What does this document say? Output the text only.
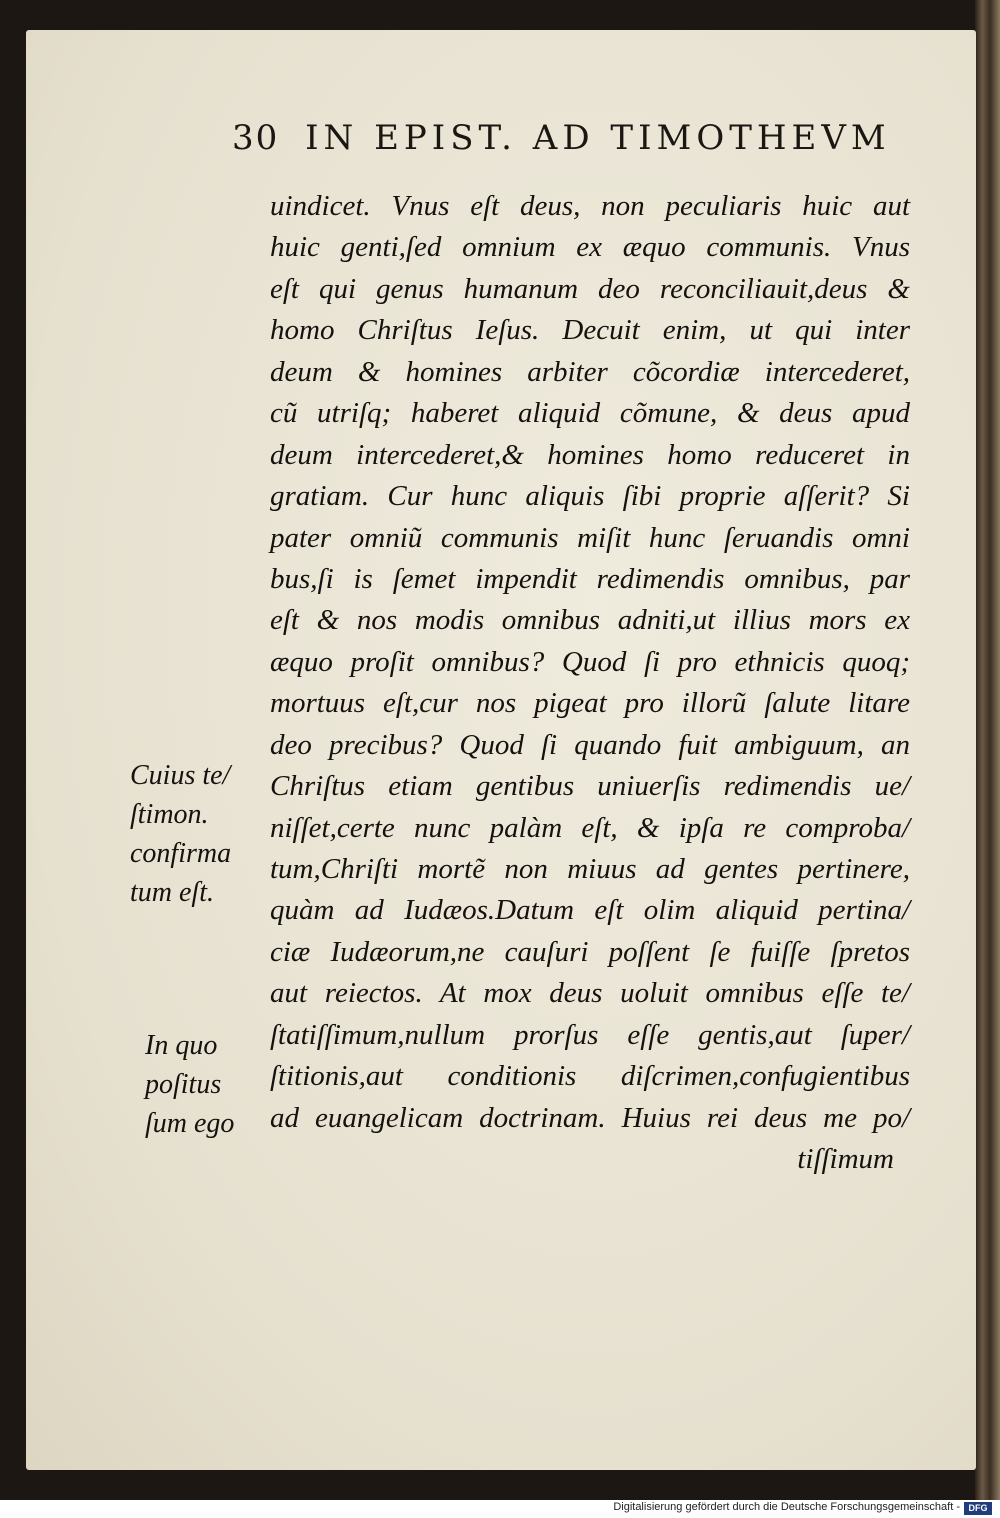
30 IN EPIST. AD TIMOTHEVM
uindicet. Vnus eſt deus, non peculiaris huic aut
huic genti,ſed omnium ex æquo communis. Vnus
eſt qui genus humanum deo reconciliauit,deus &
homo Chriſtus Ieſus. Decuit enim, ut qui inter
deum & homines arbiter cõcordiæ intercederet,
cũ utriſq; haberet aliquid cõmune, & deus apud
deum intercederet,& homines homo reduceret in
gratiam. Cur hunc aliquis ſibi proprie aſſerit? Si
pater omniũ communis miſit hunc ſeruandis omni
bus,ſi is ſemet impendit redimendis omnibus, par
eſt & nos modis omnibus adniti,ut illius mors ex
æquo proſit omnibus? Quod ſi pro ethnicis quoq;
mortuus eſt,cur nos pigeat pro illorũ ſalute litare
deo precibus? Quod ſi quando fuit ambiguum, an
Chriſtus etiam gentibus uniuerſis redimendis ue/
niſſet,certe nunc palàm eſt, & ipſa re comproba/
tum,Chriſti mortẽ non miuus ad gentes pertinere,
quàm ad Iudæos.Datum eſt olim aliquid pertina/
ciæ Iudæorum,ne cauſuri poſſent ſe fuiſſe ſpretos
aut reiectos. At mox deus uoluit omnibus eſſe te/
ſtatiſſimum,nullum prorſus eſſe gentis,aut ſuper/
ſtitionis,aut conditionis diſcrimen,confugientibus
ad euangelicam doctrinam. Huius rei deus me po/
tiſſimum
Cuius te/
ſtimon.
confirma
tum eſt.
In quo
poſitus
ſum ego
Digitalisierung gefördert durch die Deutsche Forschungsgemeinschaft - DFG
